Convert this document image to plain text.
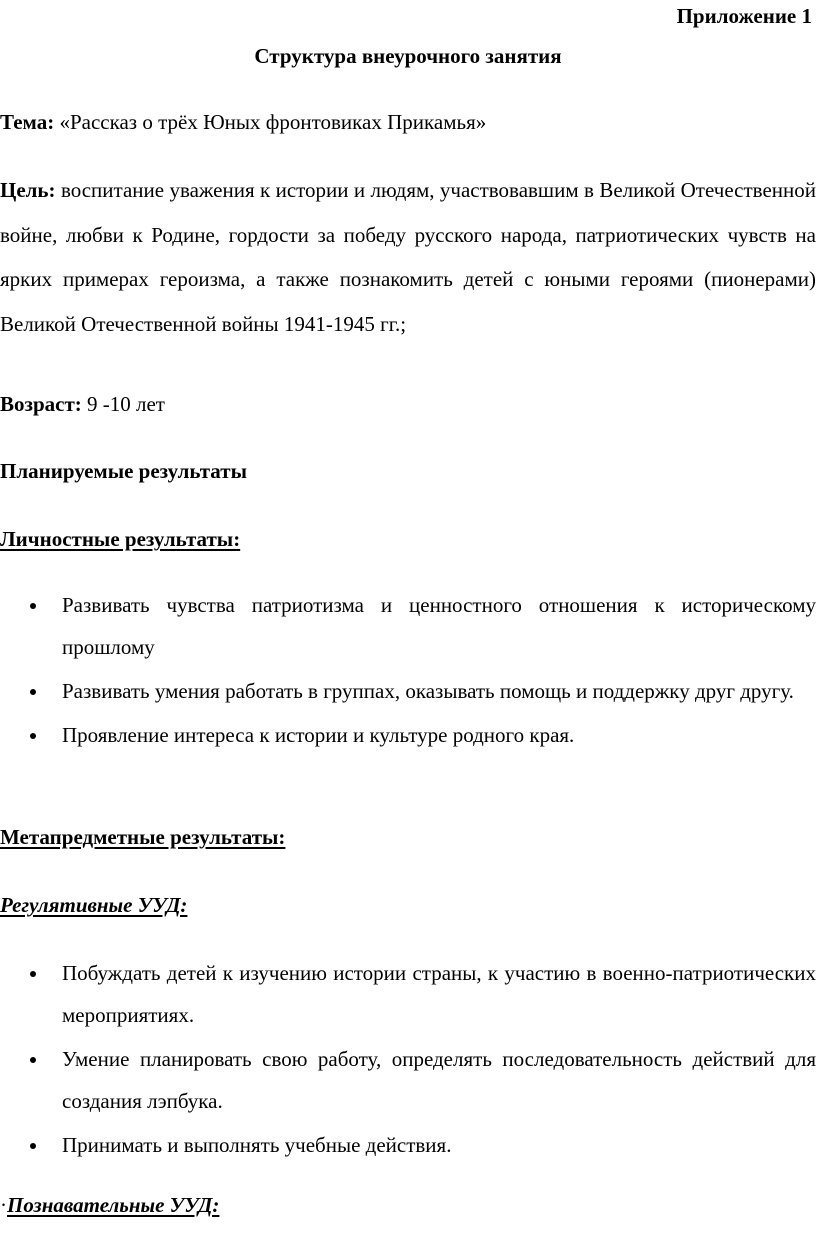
Приложение 1
Структура внеурочного занятия
Тема: «Рассказ о трёх Юных фронтовиках Прикамья»
Цель: воспитание уважения к истории и людям, участвовавшим в Великой Отечественной войне, любви к Родине, гордости за победу русского народа, патриотических чувств на ярких примерах героизма, а также познакомить детей с юными героями (пионерами) Великой Отечественной войны 1941-1945 гг.;
Возраст: 9 -10 лет
Планируемые результаты
Личностные результаты:
Развивать чувства патриотизма и ценностного отношения к историческому прошлому
Развивать умения работать в группах, оказывать помощь и поддержку друг другу.
Проявление интереса к истории и культуре родного края.
Метапредметные результаты:
Регулятивные УУД:
Побуждать детей к изучению истории страны, к участию в военно-патриотических мероприятиях.
Умение планировать свою работу, определять последовательность действий для создания лэпбука.
Принимать и выполнять учебные действия.
·Познавательные УУД:
